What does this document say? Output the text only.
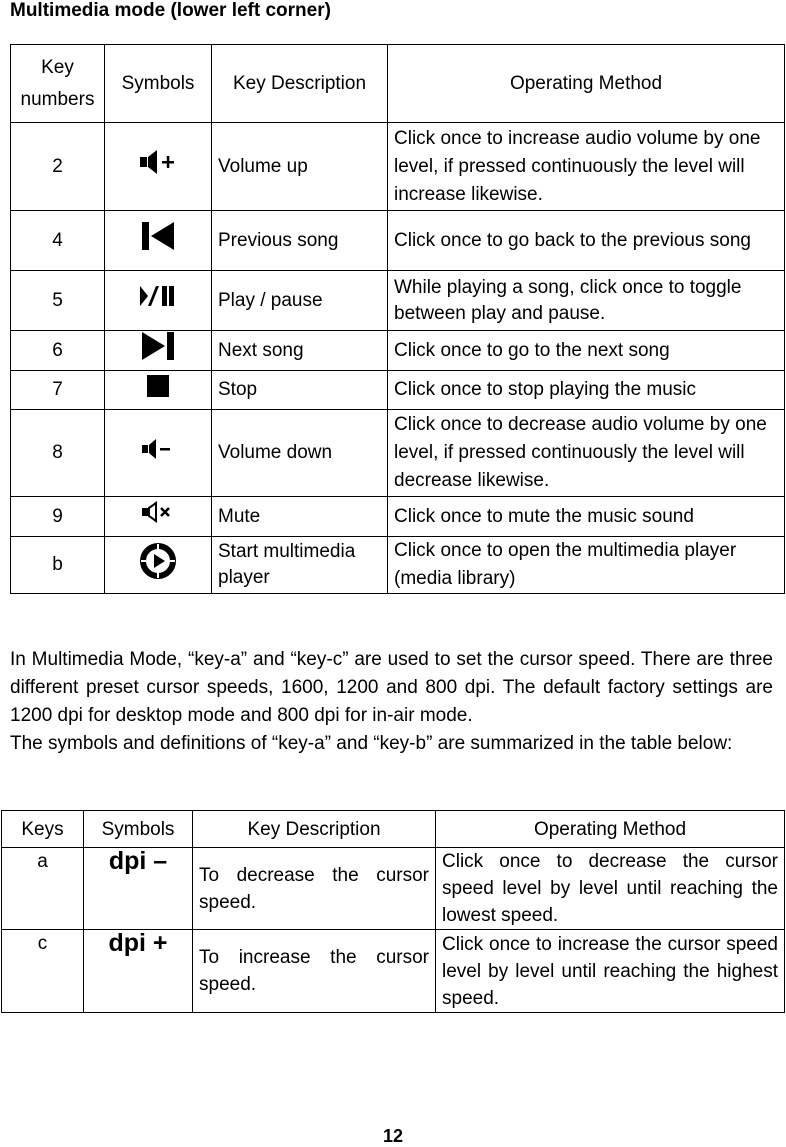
Multimedia mode (lower left corner)
Key numbers	Symbols	Key Description	Operating Method
2		Volume up	Click once to increase audio volume by one level, if pressed continuously the level will increase likewise.
4		Previous song	Click once to go back to the previous song
5		Play / pause	While playing a song, click once to toggle between play and pause.
6		Next song	Click once to go to the next song
7		Stop	Click once to stop playing the music
8		Volume down	Click once to decrease audio volume by one level, if pressed continuously the level will decrease likewise.
9		Mute	Click once to mute the music sound
b		Start multimedia player	Click once to open the multimedia player (media library)

In Multimedia Mode, “key-a” and “key-c” are used to set the cursor speed. There are three different preset cursor speeds, 1600, 1200 and 800 dpi. The default factory settings are 1200 dpi for desktop mode and 800 dpi for in-air mode.

The symbols and definitions of “key-a” and “key-b” are summarized in the table below:

Keys	Symbols	Key Description	Operating Method
a	dpi –	To decrease the cursor speed.	Click once to decrease the cursor speed level by level until reaching the lowest speed.
c	dpi +	To increase the cursor speed.	Click once to increase the cursor speed level by level until reaching the highest speed.
12
